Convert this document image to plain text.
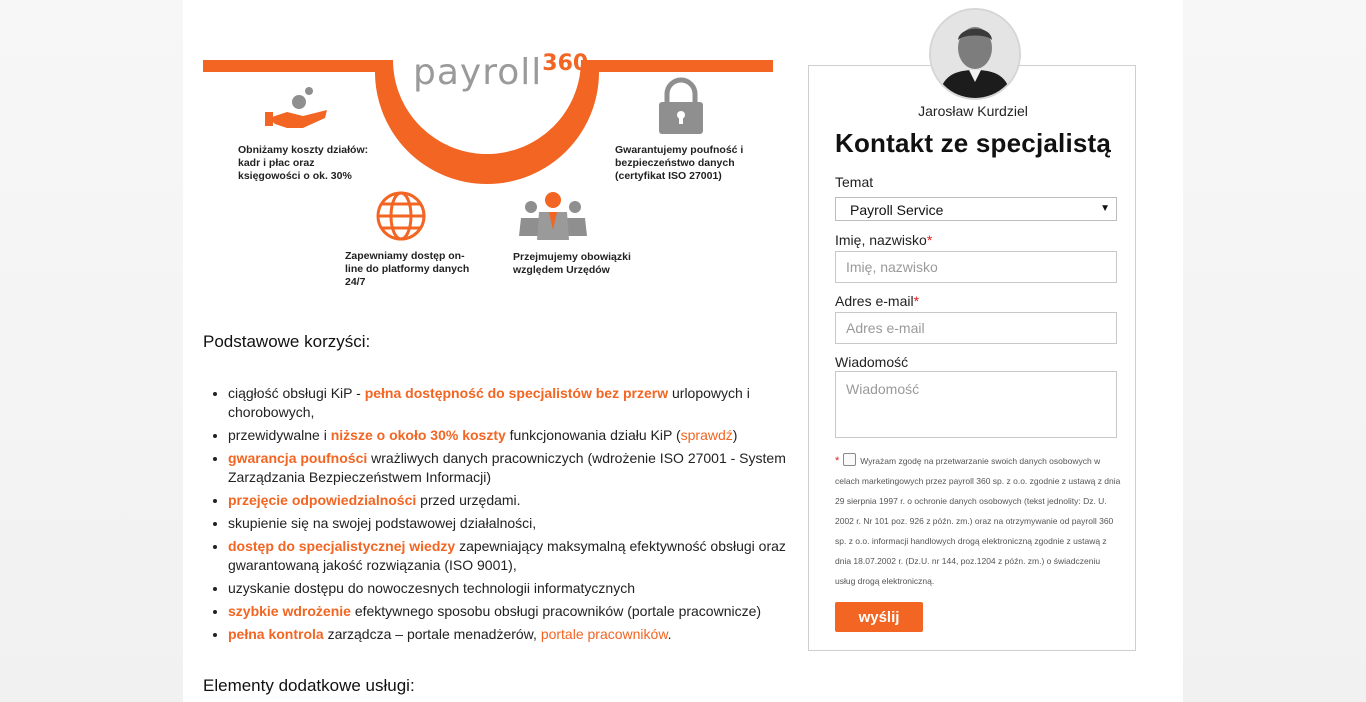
payroll$^{360}$
Obniżamy koszty działów: kadr i płac oraz księgowości o ok. 30%
Gwarantujemy poufność i bezpieczeństwo danych (certyfikat ISO 27001)
Zapewniamy dostęp on-line do platformy danych 24/7
Przejmujemy obowiązki względem Urzędów
Podstawowe korzyści:
• ciągłość obsługi KiP - pełna dostępność do specjalistów bez przerw urlopowych i chorobowych,
• przewidywalne i niższe o około 30% koszty funkcjonowania działu KiP (sprawdź)
• gwarancja poufności wrażliwych danych pracowniczych (wdrożenie ISO 27001 - System Zarządzania Bezpieczeństwem Informacji)
• przejęcie odpowiedzialności przed urzędami.
• skupienie się na swojej podstawowej działalności,
• dostęp do specjalistycznej wiedzy zapewniający maksymalną efektywność obsługi oraz gwarantowaną jakość rozwiązania (ISO 9001),
• uzyskanie dostępu do nowoczesnych technologii informatycznych
• szybkie wdrożenie efektywnego sposobu obsługi pracowników (portale pracownicze)
• pełna kontrola zarządcza – portale menadżerów, portale pracowników.
Elementy dodatkowe usługi:
Jarosław Kurdziel
Kontakt ze specjalistą
Temat
Payroll Service	▼
Imię, nazwisko*
Imię, nazwisko
Adres e-mail*
Adres e-mail
Wiadomość
Wiadomość
* Wyrażam zgodę na przetwarzanie swoich danych osobowych w celach marketingowych przez payroll 360 sp. z o.o. zgodnie z ustawą z dnia 29 sierpnia 1997 r. o ochronie danych osobowych (tekst jednolity: Dz. U. 2002 r. Nr 101 poz. 926 z późn. zm.) oraz na otrzymywanie od payroll 360 sp. z o.o. informacji handlowych drogą elektroniczną zgodnie z ustawą z dnia 18.07.2002 r. (Dz.U. nr 144, poz.1204 z późn. zm.) o świadczeniu usług drogą elektroniczną.
wyślij
